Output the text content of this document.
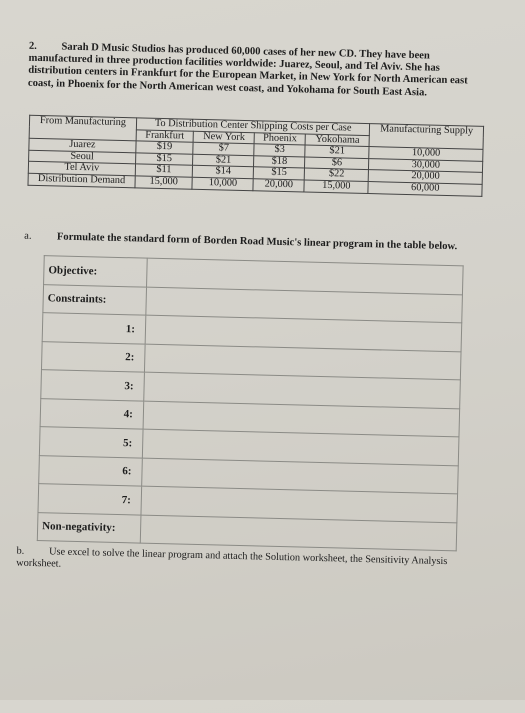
2. Sarah D Music Studios has produced 60,000 cases of her new CD. They have been manufactured in three production facilities worldwide: Juarez, Seoul, and Tel Aviv. She has distribution centers in Frankfurt for the European Market, in New York for North American east coast, in Phoenix for the North American west coast, and Yokohama for South East Asia.

From Manufacturing	To Distribution Center Shipping Costs per Case				Manufacturing Supply
	Frankfurt	New York	Phoenix	Yokohama	
Juarez	$19	$7	$3	$21	10,000
Seoul	$15	$21	$18	$6	30,000
Tel Aviv	$11	$14	$15	$22	20,000
Distribution Demand	15,000	10,000	20,000	15,000	60,000
a. Formulate the standard form of Borden Road Music's linear program in the table below.
Objective:	
Constraints:	
1:	
2:	
3:	
4:	
5:	
6:	
7:	
Non-negativity:	
b. Use excel to solve the linear program and attach the Solution worksheet, the Sensitivity Analysis worksheet.
